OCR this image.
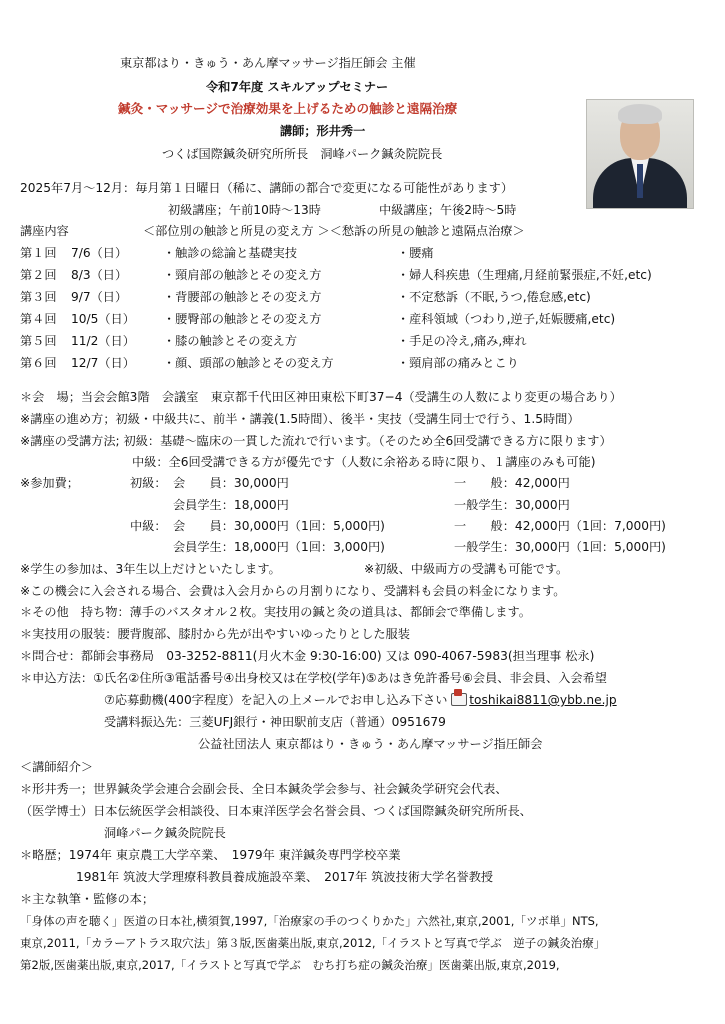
東京都はり・きゅう・あん摩マッサージ指圧師会 主催
令和7年度 スキルアップセミナー
鍼灸・マッサージで治療効果を上げるための触診と遠隔治療
講師；形井秀一
つくば国際鍼灸研究所所長　洞峰パーク鍼灸院院長
2025年7月～12月：毎月第１日曜日（稀に、講師の都合で変更になる可能性があります）
初級講座；午前10時～13時	中級講座；午後2時～5時
講座内容	＜部位別の触診と所見の変え方 ＞＜愁訴の所見の触診と遠隔点治療＞
第１回 7/6（日）	・触診の総論と基礎実技	・腰痛
第２回 8/3（日）	・頸肩部の触診とその変え方	・婦人科疾患（生理痛,月経前緊張症,不妊,etc)
第３回 9/7（日）	・背腰部の触診とその変え方	・不定愁訴（不眠,うつ,倦怠感,etc)
第４回 10/5（日） ・腰臀部の触診とその変え方	・産科領域（つわり,逆子,妊娠腰痛,etc)
第５回 11/2（日） ・膝の触診とその変え方	・手足の冷え,痛み,痺れ
第６回 12/7（日） ・顔、頭部の触診とその変え方	・頸肩部の痛みとこり
＊会　場；当会会館3階　会議室　東京都千代田区神田東松下町37−4（受講生の人数により変更の場合あり）
※講座の進め方；初級・中級共に、前半・講義(1.5時間）、後半・実技（受講生同士で行う、1.5時間）
※講座の受講方法; 初級：基礎〜臨床の一貫した流れで行います。（そのため全6回受講できる方に限ります）
中級：全6回受講できる方が優先です（人数に余裕ある時に限り、１講座のみも可能)
※参加費；	初級： 会　　員：30,000円	一　　般：42,000円
会員学生：18,000円	一般学生：30,000円
中級： 会　　員：30,000円（1回：5,000円)	一　　般：42,000円（1回：7,000円)
会員学生：18,000円（1回：3,000円)	一般学生：30,000円（1回：5,000円)
※学生の参加は、3年生以上だけといたします。	※初級、中級両方の受講も可能です。
※この機会に入会される場合、会費は入会月からの月割りになり、受講料も会員の料金になります。
＊その他　持ち物：薄手のバスタオル２枚。実技用の鍼と灸の道具は、都師会で準備します。
＊実技用の服装：腰背腹部、膝肘から先が出やすいゆったりとした服装
＊問合せ：都師会事務局　03-3252-8811(月火木金 9:30-16:00) 又は 090-4067-5983(担当理事 松永)
＊申込方法：①氏名②住所③電話番号④出身校又は在学校(学年)⑤あはき免許番号⑥会員、非会員、入会希望
⑦応募動機(400字程度）を記入の上メールでお申し込み下さい toshikai8811@ybb.ne.jp
受講料振込先：三菱UFJ銀行・神田駅前支店（普通）0951679
公益社団法人 東京都はり・きゅう・あん摩マッサージ指圧師会
＜講師紹介＞
＊形井秀一；世界鍼灸学会連合会副会長、全日本鍼灸学会参与、社会鍼灸学研究会代表、
（医学博士）日本伝統医学会相談役、日本東洋医学会名誉会員、つくば国際鍼灸研究所所長、
洞峰パーク鍼灸院院長
＊略歴；1974年 東京農工大学卒業、　1979年 東洋鍼灸専門学校卒業
1981年 筑波大学理療科教員養成施設卒業、　2017年 筑波技術大学名誉教授
＊主な執筆・監修の本；
「身体の声を聴く」医道の日本社,横須賀,1997,「治療家の手のつくりかた」六然社,東京,2001,「ツボ単」NTS,
東京,2011,「カラーアトラス取穴法」第３版,医歯薬出版,東京,2012,「イラストと写真で学ぶ　逆子の鍼灸治療」
第2版,医歯薬出版,東京,2017,「イラストと写真で学ぶ　むち打ち症の鍼灸治療」医歯薬出版,東京,2019,
